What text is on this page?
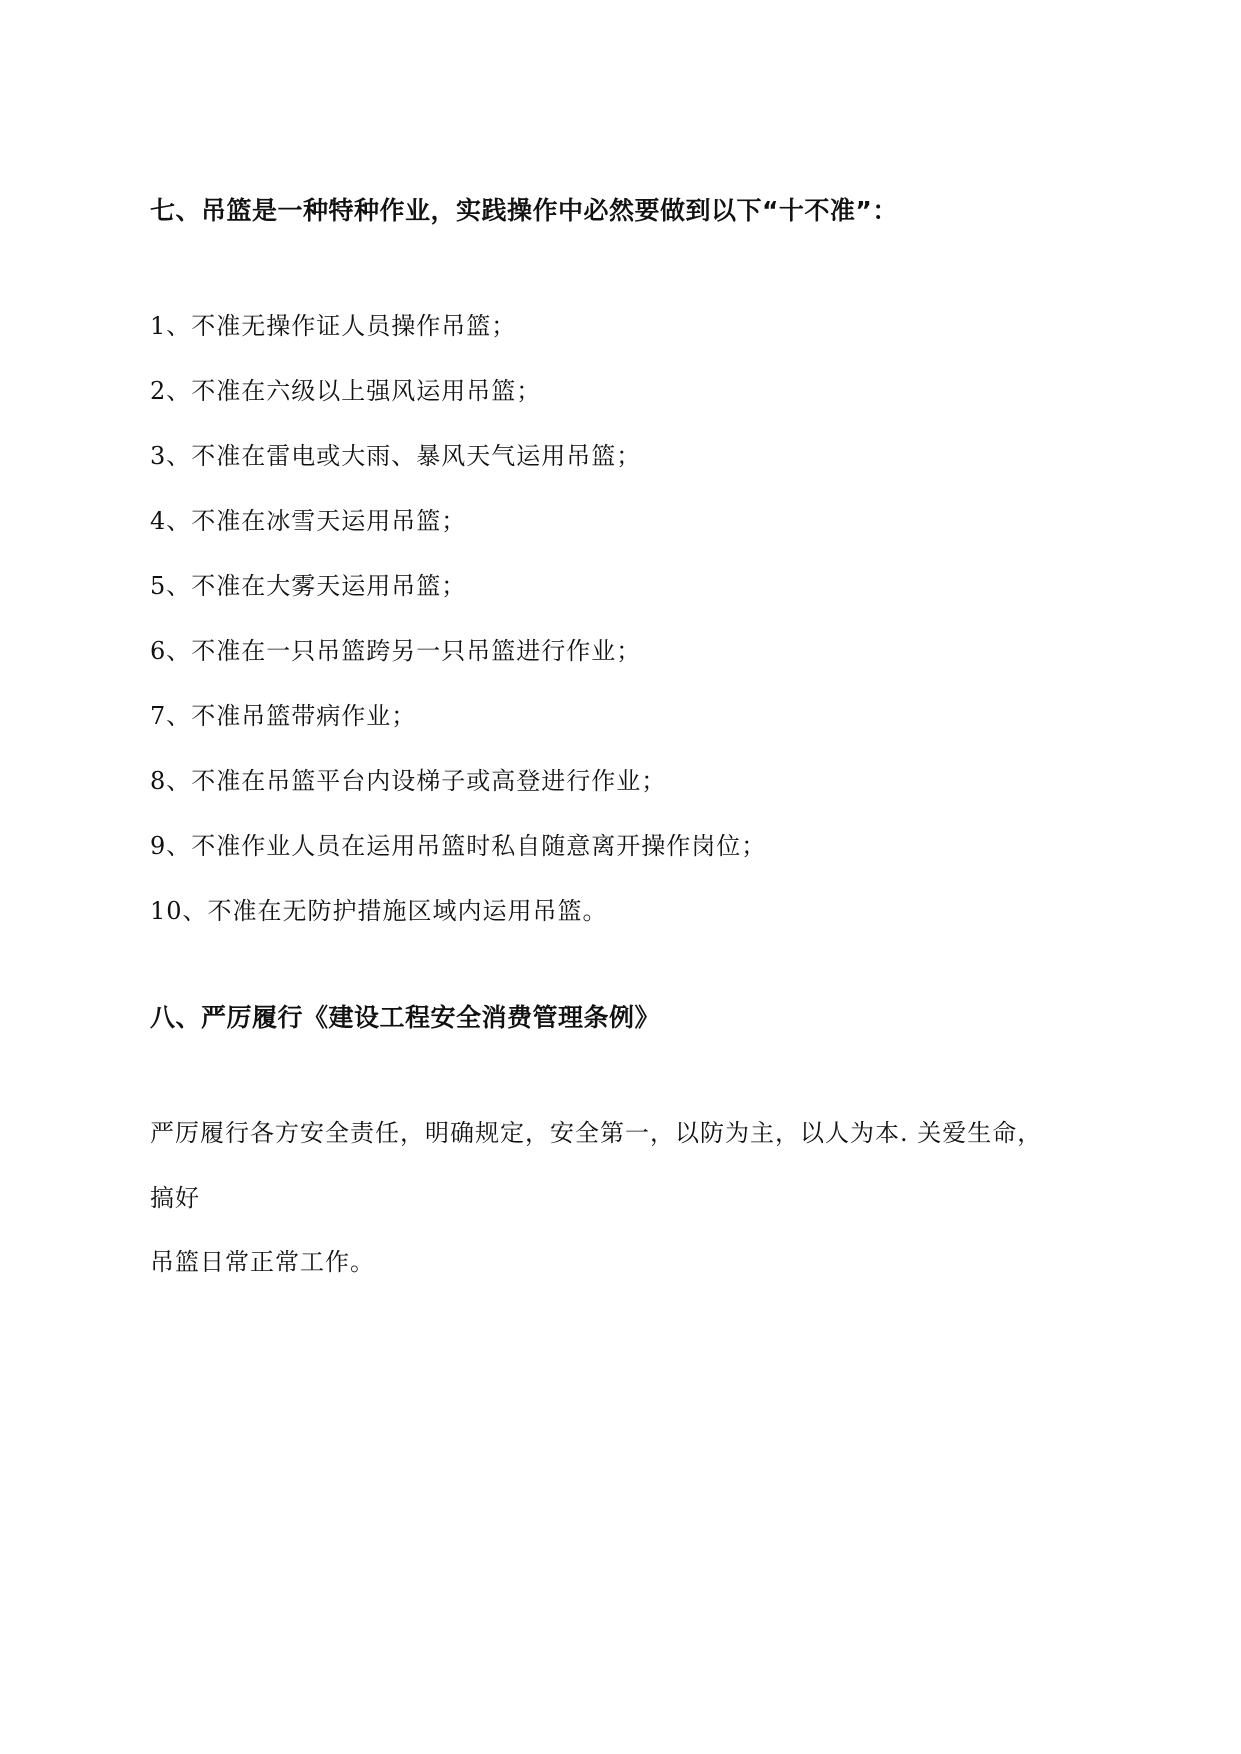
七、吊篮是一种特种作业，实践操作中必然要做到以下“十不准”：
1、不准无操作证人员操作吊篮；
2、不准在六级以上强风运用吊篮；
3、不准在雷电或大雨、暴风天气运用吊篮；
4、不准在冰雪天运用吊篮；
5、不准在大雾天运用吊篮；
6、不准在一只吊篮跨另一只吊篮进行作业；
7、不准吊篮带病作业；
8、不准在吊篮平台内设梯子或高登进行作业；
9、不准作业人员在运用吊篮时私自随意离开操作岗位；
10、不准在无防护措施区域内运用吊篮。
八、严厉履行《建设工程安全消费管理条例》
严厉履行各方安全责任，明确规定，安全第一，以防为主，以人为本. 关爱生命，
搞好
吊篮日常正常工作。
